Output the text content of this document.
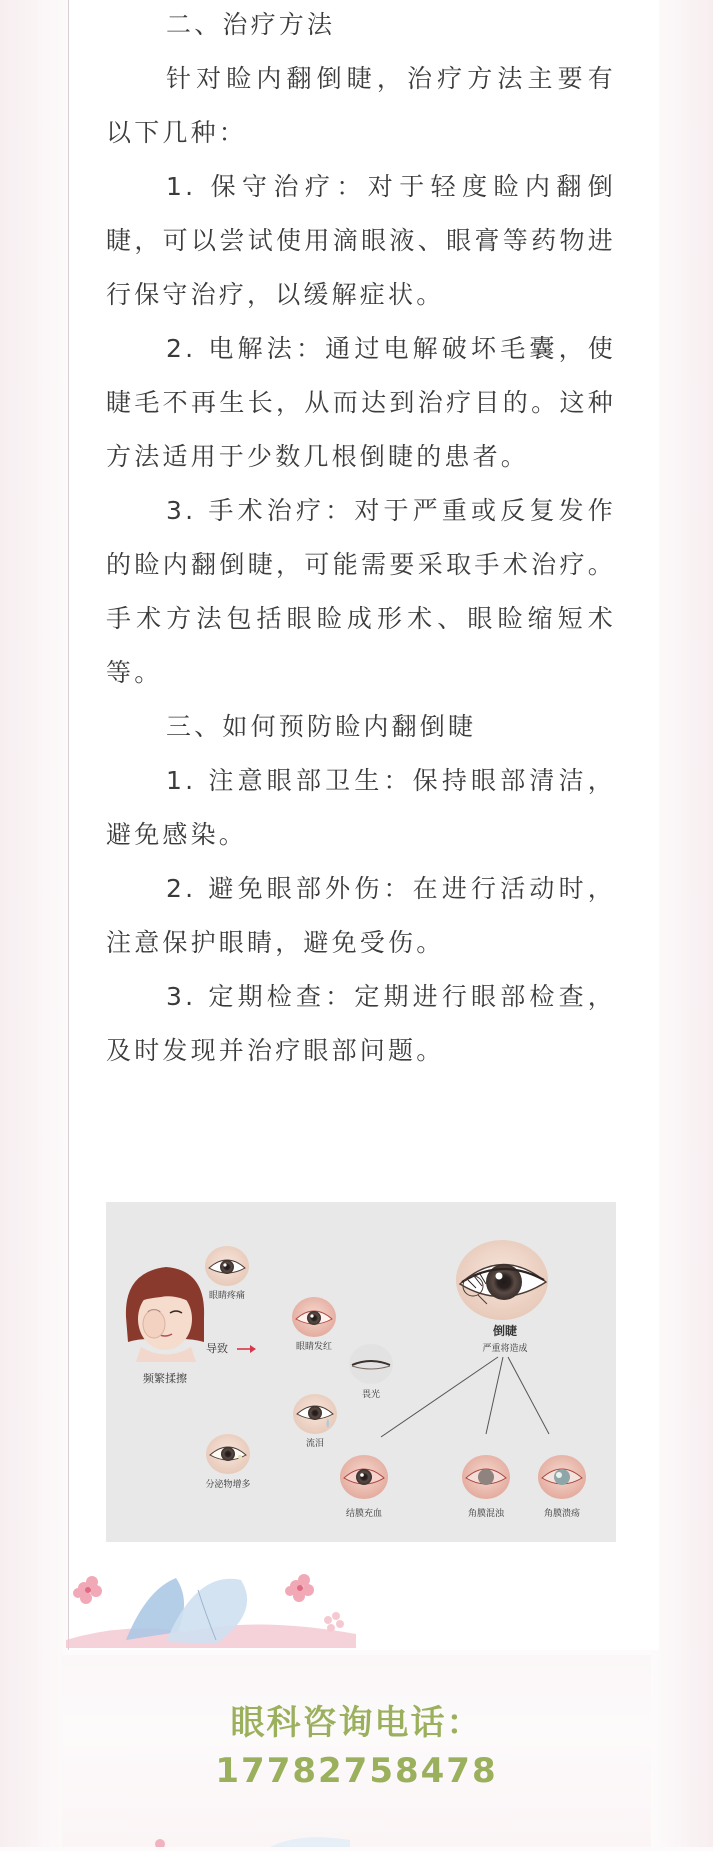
二、治疗方法

针对睑内翻倒睫，治疗方法主要有以下几种：

1. 保守治疗：对于轻度睑内翻倒睫，可以尝试使用滴眼液、眼膏等药物进行保守治疗，以缓解症状。

2. 电解法：通过电解破坏毛囊，使睫毛不再生长，从而达到治疗目的。这种方法适用于少数几根倒睫的患者。

3. 手术治疗：对于严重或反复发作的睑内翻倒睫，可能需要采取手术治疗。手术方法包括眼睑成形术、眼睑缩短术等。

三、如何预防睑内翻倒睫

1. 注意眼部卫生：保持眼部清洁，避免感染。

2. 避免眼部外伤：在进行活动时，注意保护眼睛，避免受伤。

3. 定期检查：定期进行眼部检查，及时发现并治疗眼部问题。

频繁揉擦
导致
眼睛疼痛
眼睛发红
畏光
流泪
分泌物增多
倒睫
严重将造成
结膜充血	角膜混浊	角膜溃疡
眼科咨询电话：
17782758478
